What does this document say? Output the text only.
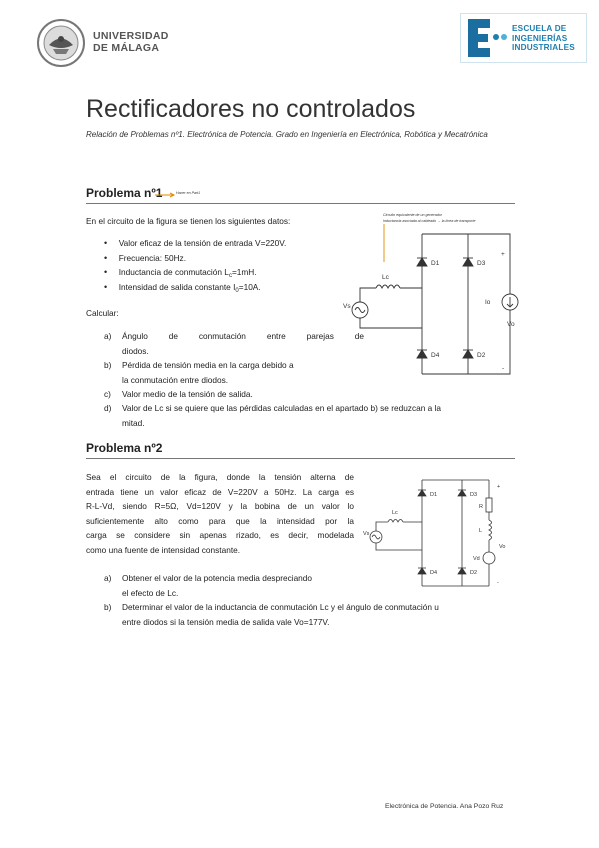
UNIVERSIDAD
DE MÁLAGA
ESCUELA DE
INGENIERÍAS
INDUSTRIALES
Rectificadores no controlados
Relación de Problemas nº1. Electrónica de Potencia. Grado en Ingeniería en Electrónica, Robótica y Mecatrónica
Problema nº1	Hacer en Part1
En el circuito de la figura se tienen los siguientes datos:
• Valor eficaz de la tensión de entrada V=220V.
• Frecuencia: 50Hz.
• Inductancia de conmutación $L_c=1mH$.
• Intensidad de salida constante $I_0=10A$.
Calcular:
a) Ángulo de conmutación entre parejas de
diodos.
b) Pérdida de tensión media en la carga debido a
la conmutación entre diodos.
c) Valor medio de la tensión de salida.
d) Valor de Lc si se quiere que las pérdidas calculadas en el apartado b) se reduzcan a la
mitad.
Circuito equivalente de un generador
Inductancia asociada al cableado → la línea de transporte
D1	D3
D4	D2
Lc
Vs
Io
Vo
+
-
Problema nº2
Sea el circuito de la figura, donde la tensión alterna de
entrada tiene un valor eficaz de V=220V a 50Hz. La carga es
R-L-Vd, siendo R=5Ω, Vd=120V y la bobina de un valor lo
suficientemente alto como para que la intensidad por la
carga se considere sin apenas rizado, es decir, modelada
como una fuente de intensidad constante.
a) Obtener el valor de la potencia media despreciando
el efecto de Lc.
b) Determinar el valor de la inductancia de conmutación Lc y el ángulo de conmutación u
entre diodos si la tensión media de salida vale Vo=177V.
D1	D3
D4	D2
Lc
Vs
R
L
Vd
Vo
+
-
Electrónica de Potencia. Ana Pozo Ruz
